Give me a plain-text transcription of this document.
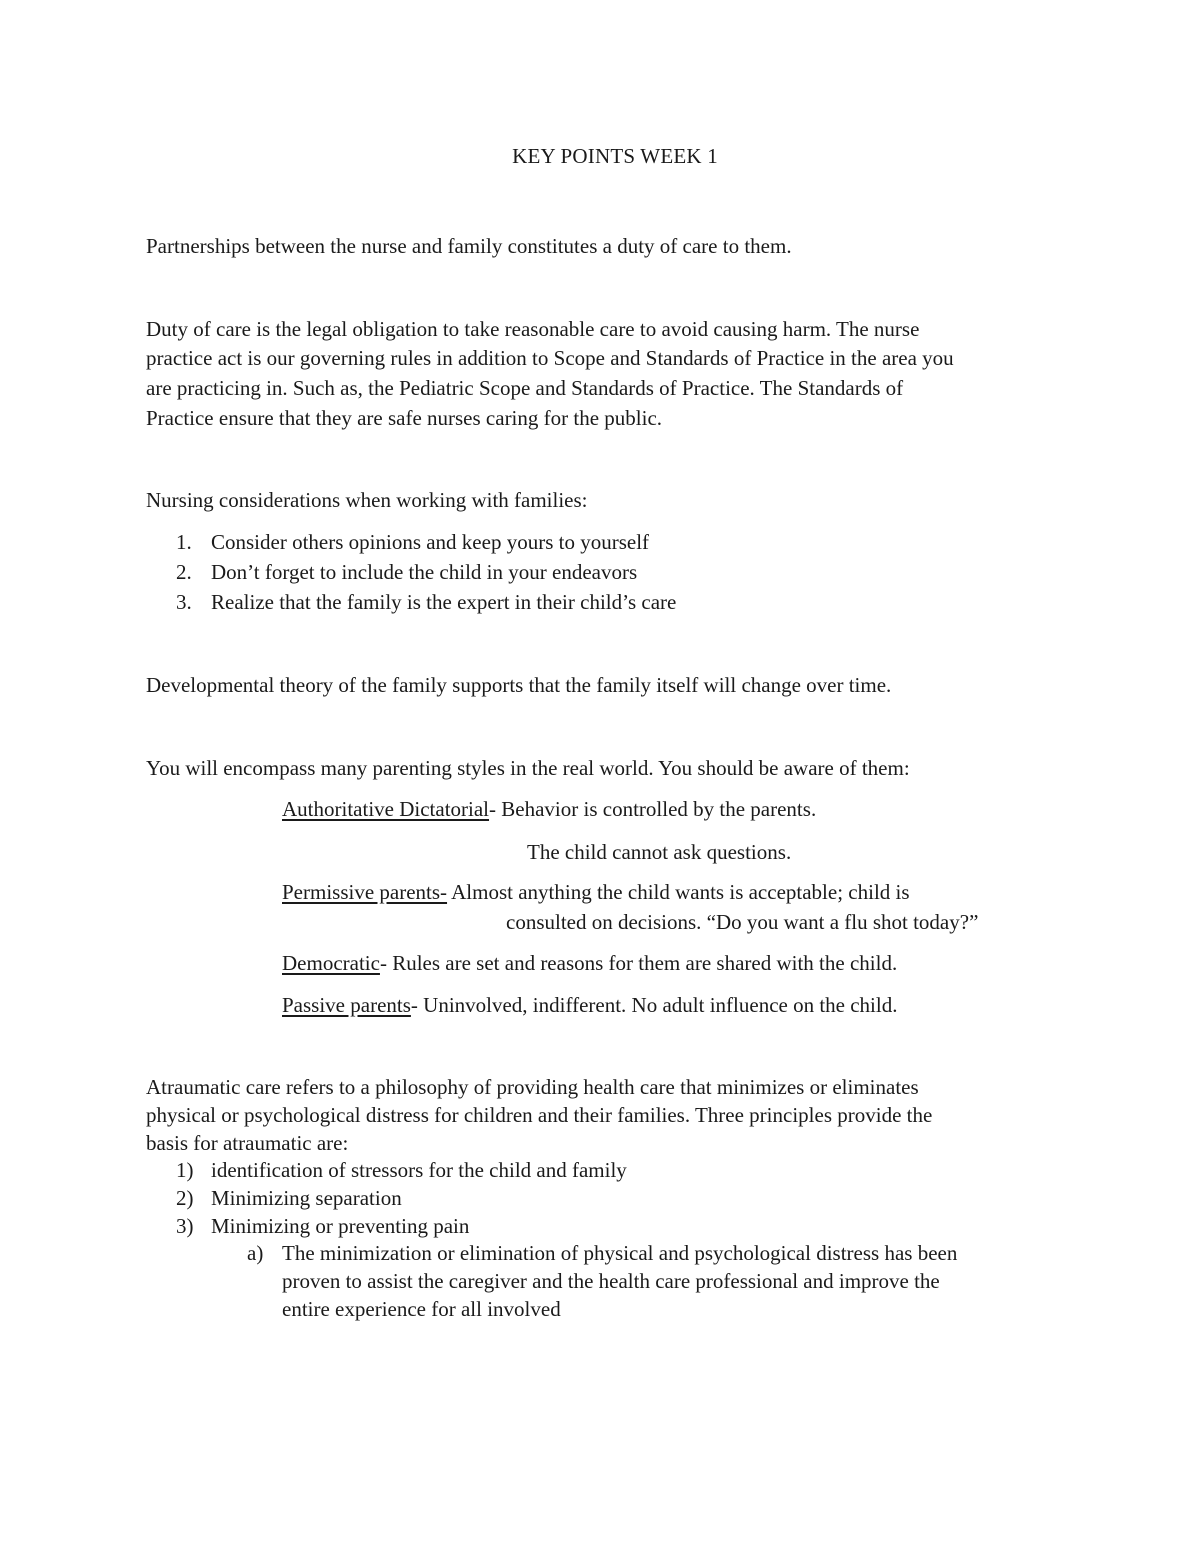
KEY POINTS WEEK 1
Partnerships between the nurse and family constitutes a duty of care to them.
Duty of care is the legal obligation to take reasonable care to avoid causing harm. The nurse
practice act is our governing rules in addition to Scope and Standards of Practice in the area you
are practicing in. Such as, the Pediatric Scope and Standards of Practice. The Standards of
Practice ensure that they are safe nurses caring for the public.
Nursing considerations when working with families:
1. Consider others opinions and keep yours to yourself
2. Don’t forget to include the child in your endeavors
3. Realize that the family is the expert in their child’s care
Developmental theory of the family supports that the family itself will change over time.
You will encompass many parenting styles in the real world. You should be aware of them:
Authoritative Dictatorial- Behavior is controlled by the parents.
The child cannot ask questions.
Permissive parents- Almost anything the child wants is acceptable; child is
consulted on decisions. “Do you want a flu shot today?”
Democratic- Rules are set and reasons for them are shared with the child.
Passive parents- Uninvolved, indifferent. No adult influence on the child.
Atraumatic care refers to a philosophy of providing health care that minimizes or eliminates
physical or psychological distress for children and their families. Three principles provide the
basis for atraumatic are:
1) identification of stressors for the child and family
2) Minimizing separation
3) Minimizing or preventing pain
a) The minimization or elimination of physical and psychological distress has been
proven to assist the caregiver and the health care professional and improve the
entire experience for all involved
